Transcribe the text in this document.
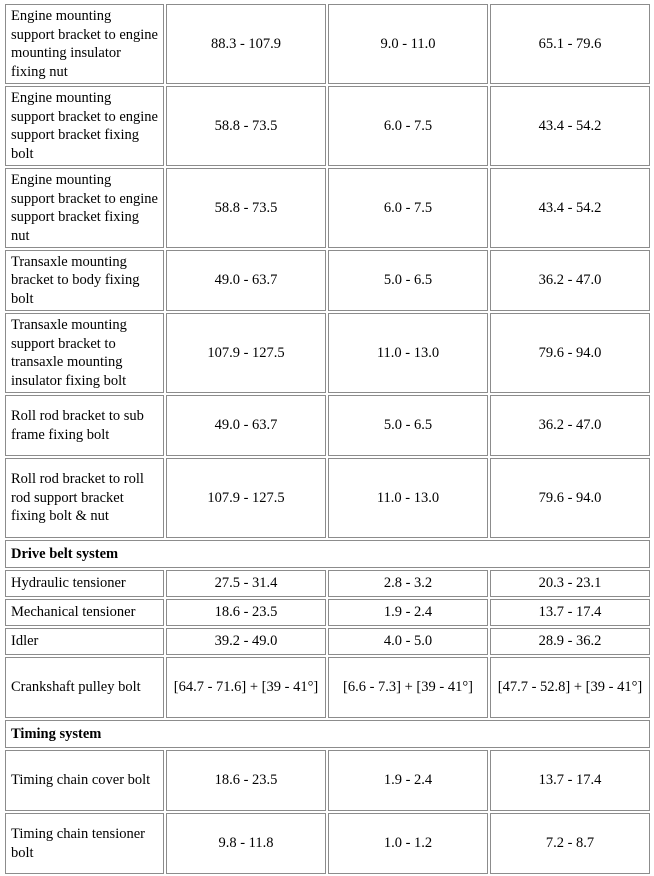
Engine mounting support bracket to engine mounting insulator fixing nut	88.3 - 107.9	9.0 - 11.0	65.1 - 79.6
Engine mounting support bracket to engine support bracket fixing bolt	58.8 - 73.5	6.0 - 7.5	43.4 - 54.2
Engine mounting support bracket to engine support bracket fixing nut	58.8 - 73.5	6.0 - 7.5	43.4 - 54.2
Transaxle mounting bracket to body fixing bolt	49.0 - 63.7	5.0 - 6.5	36.2 - 47.0
Transaxle mounting support bracket to transaxle mounting insulator fixing bolt	107.9 - 127.5	11.0 - 13.0	79.6 - 94.0
Roll rod bracket to sub frame fixing bolt	49.0 - 63.7	5.0 - 6.5	36.2 - 47.0
Roll rod bracket to roll rod support bracket fixing bolt & nut	107.9 - 127.5	11.0 - 13.0	79.6 - 94.0
Drive belt system			
Hydraulic tensioner	27.5 - 31.4	2.8 - 3.2	20.3 - 23.1
Mechanical tensioner	18.6 - 23.5	1.9 - 2.4	13.7 - 17.4
Idler	39.2 - 49.0	4.0 - 5.0	28.9 - 36.2
Crankshaft pulley bolt	[64.7 - 71.6] + [39 - 41°]	[6.6 - 7.3] + [39 - 41°]	[47.7 - 52.8] + [39 - 41°]
Timing system			
Timing chain cover bolt	18.6 - 23.5	1.9 - 2.4	13.7 - 17.4
Timing chain tensioner bolt	9.8 - 11.8	1.0 - 1.2	7.2 - 8.7
